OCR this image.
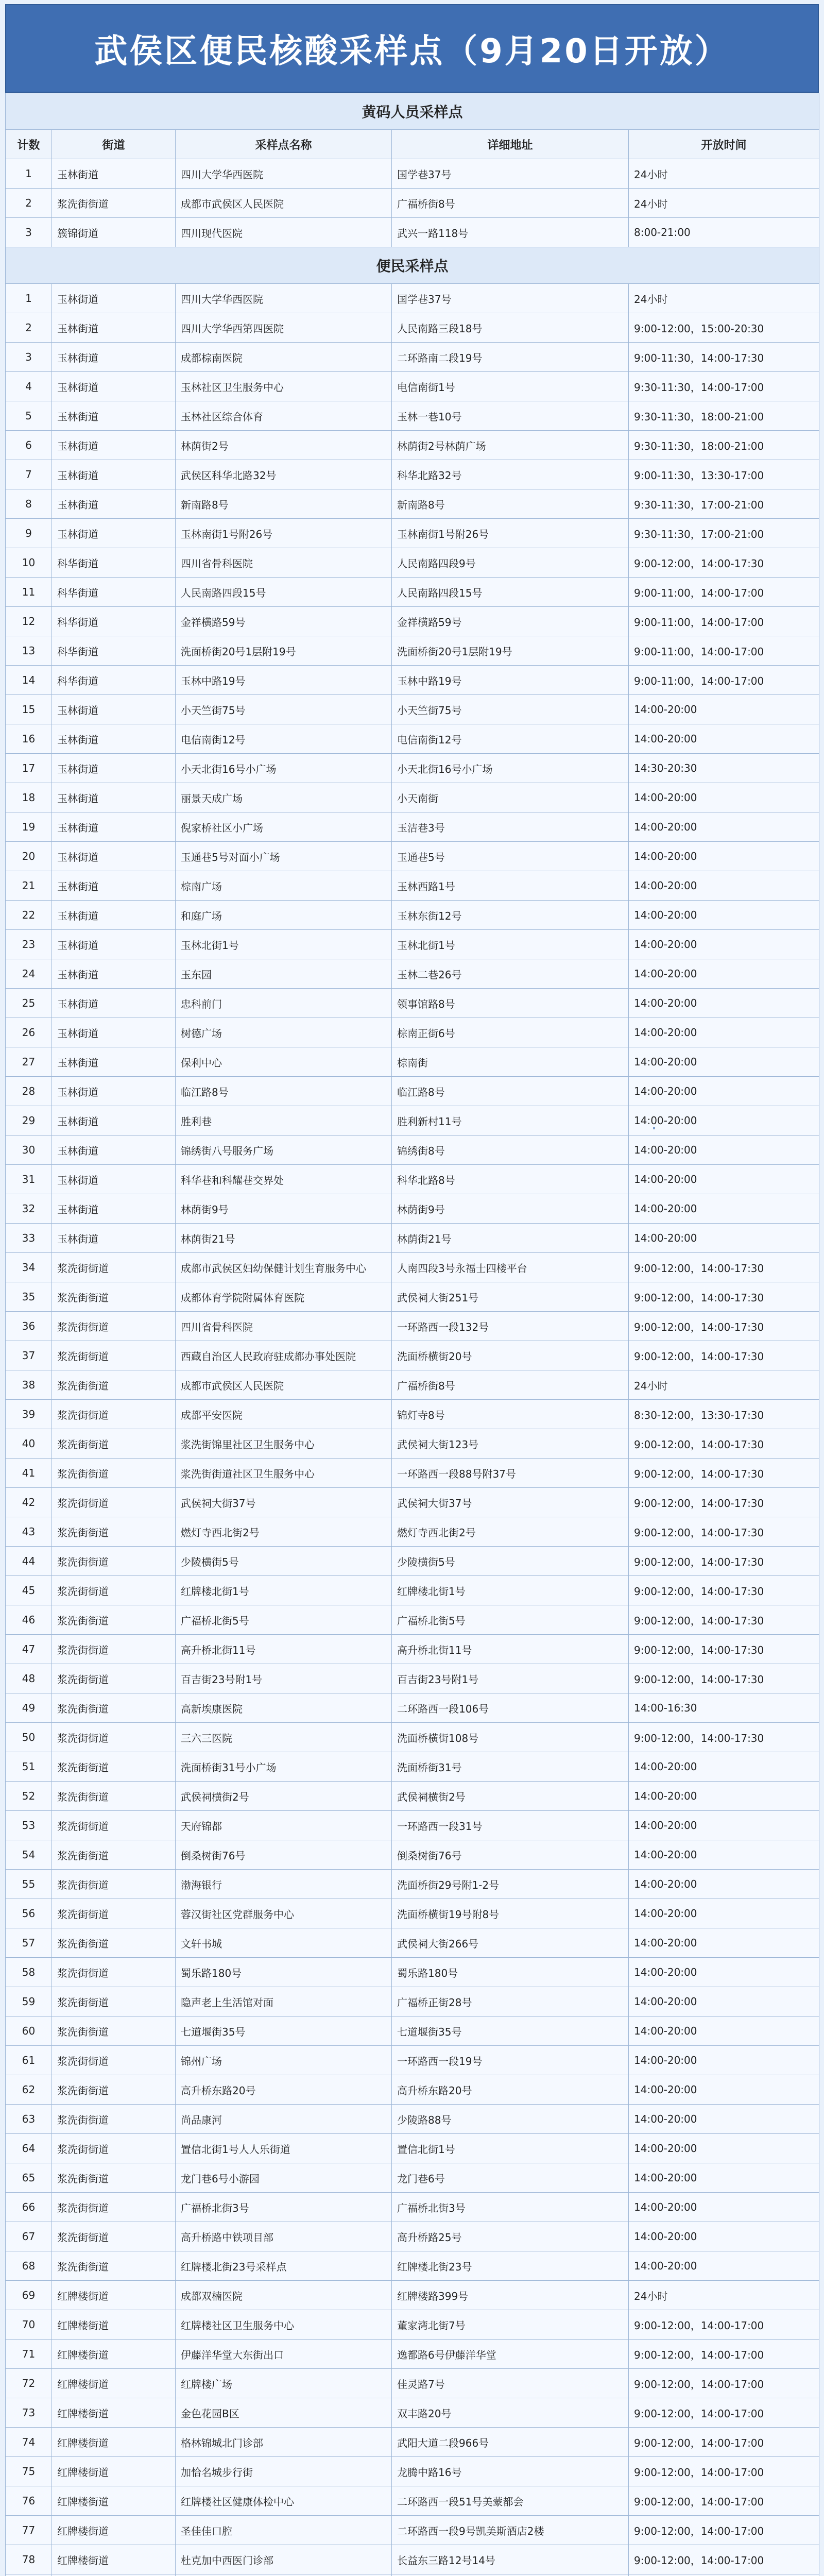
武侯区便民核酸采样点（9月20日开放）
黄码人员采样点				
计数	街道	采样点名称	详细地址	开放时间
1	玉林街道	四川大学华西医院	国学巷37号	24小时
2	浆洗街街道	成都市武侯区人民医院	广福桥街8号	24小时
3	簇锦街道	四川现代医院	武兴一路118号	8:00-21:00
便民采样点				
1	玉林街道	四川大学华西医院	国学巷37号	24小时
2	玉林街道	四川大学华西第四医院	人民南路三段18号	9:00-12:00，15:00-20:30
3	玉林街道	成都棕南医院	二环路南二段19号	9:00-11:30，14:00-17:30
4	玉林街道	玉林社区卫生服务中心	电信南街1号	9:30-11:30，14:00-17:00
5	玉林街道	玉林社区综合体育	玉林一巷10号	9:30-11:30，18:00-21:00
6	玉林街道	林荫街2号	林荫街2号林荫广场	9:30-11:30，18:00-21:00
7	玉林街道	武侯区科华北路32号	科华北路32号	9:00-11:30，13:30-17:00
8	玉林街道	新南路8号	新南路8号	9:30-11:30，17:00-21:00
9	玉林街道	玉林南街1号附26号	玉林南街1号附26号	9:30-11:30，17:00-21:00
10	科华街道	四川省骨科医院	人民南路四段9号	9:00-12:00，14:00-17:30
11	科华街道	人民南路四段15号	人民南路四段15号	9:00-11:00，14:00-17:00
12	科华街道	金祥横路59号	金祥横路59号	9:00-11:00，14:00-17:00
13	科华街道	洗面桥街20号1层附19号	洗面桥街20号1层附19号	9:00-11:00，14:00-17:00
14	科华街道	玉林中路19号	玉林中路19号	9:00-11:00，14:00-17:00
15	玉林街道	小天竺街75号	小天竺街75号	14:00-20:00
16	玉林街道	电信南街12号	电信南街12号	14:00-20:00
17	玉林街道	小天北街16号小广场	小天北街16号小广场	14:30-20:30
18	玉林街道	丽景天成广场	小天南街	14:00-20:00
19	玉林街道	倪家桥社区小广场	玉洁巷3号	14:00-20:00
20	玉林街道	玉通巷5号对面小广场	玉通巷5号	14:00-20:00
21	玉林街道	棕南广场	玉林西路1号	14:00-20:00
22	玉林街道	和庭广场	玉林东街12号	14:00-20:00
23	玉林街道	玉林北街1号	玉林北街1号	14:00-20:00
24	玉林街道	玉东园	玉林二巷26号	14:00-20:00
25	玉林街道	忠科前门	领事馆路8号	14:00-20:00
26	玉林街道	树德广场	棕南正街6号	14:00-20:00
27	玉林街道	保利中心	棕南街	14:00-20:00
28	玉林街道	临江路8号	临江路8号	14:00-20:00
29	玉林街道	胜利巷	胜利新村11号	14:00-20:00
30	玉林街道	锦绣街八号服务广场	锦绣街8号	14:00-20:00
31	玉林街道	科华巷和科耀巷交界处	科华北路8号	14:00-20:00
32	玉林街道	林荫街9号	林荫街9号	14:00-20:00
33	玉林街道	林荫街21号	林荫街21号	14:00-20:00
34	浆洗街街道	成都市武侯区妇幼保健计划生育服务中心	人南四段3号永福士四楼平台	9:00-12:00，14:00-17:30
35	浆洗街街道	成都体育学院附属体育医院	武侯祠大街251号	9:00-12:00，14:00-17:30
36	浆洗街街道	四川省骨科医院	一环路西一段132号	9:00-12:00，14:00-17:30
37	浆洗街街道	西藏自治区人民政府驻成都办事处医院	洗面桥横街20号	9:00-12:00，14:00-17:30
38	浆洗街街道	成都市武侯区人民医院	广福桥街8号	24小时
39	浆洗街街道	成都平安医院	锦灯寺8号	8:30-12:00，13:30-17:30
40	浆洗街街道	浆洗街锦里社区卫生服务中心	武侯祠大街123号	9:00-12:00，14:00-17:30
41	浆洗街街道	浆洗街街道社区卫生服务中心	一环路西一段88号附37号	9:00-12:00，14:00-17:30
42	浆洗街街道	武侯祠大街37号	武侯祠大街37号	9:00-12:00，14:00-17:30
43	浆洗街街道	燃灯寺西北街2号	燃灯寺西北街2号	9:00-12:00，14:00-17:30
44	浆洗街街道	少陵横街5号	少陵横街5号	9:00-12:00，14:00-17:30
45	浆洗街街道	红牌楼北街1号	红牌楼北街1号	9:00-12:00，14:00-17:30
46	浆洗街街道	广福桥北街5号	广福桥北街5号	9:00-12:00，14:00-17:30
47	浆洗街街道	高升桥北街11号	高升桥北街11号	9:00-12:00，14:00-17:30
48	浆洗街街道	百吉街23号附1号	百吉街23号附1号	9:00-12:00，14:00-17:30
49	浆洗街街道	高新埃康医院	二环路西一段106号	14:00-16:30
50	浆洗街街道	三六三医院	洗面桥横街108号	9:00-12:00，14:00-17:30
51	浆洗街街道	洗面桥街31号小广场	洗面桥街31号	14:00-20:00
52	浆洗街街道	武侯祠横街2号	武侯祠横街2号	14:00-20:00
53	浆洗街街道	天府锦都	一环路西一段31号	14:00-20:00
54	浆洗街街道	倒桑树街76号	倒桑树街76号	14:00-20:00
55	浆洗街街道	渤海银行	洗面桥街29号附1-2号	14:00-20:00
56	浆洗街街道	蓉汉街社区党群服务中心	洗面桥横街19号附8号	14:00-20:00
57	浆洗街街道	文轩书城	武侯祠大街266号	14:00-20:00
58	浆洗街街道	蜀乐路180号	蜀乐路180号	14:00-20:00
59	浆洗街街道	隐声老上生活馆对面	广福桥正街28号	14:00-20:00
60	浆洗街街道	七道堰街35号	七道堰街35号	14:00-20:00
61	浆洗街街道	锦州广场	一环路西一段19号	14:00-20:00
62	浆洗街街道	高升桥东路20号	高升桥东路20号	14:00-20:00
63	浆洗街街道	尚品康河	少陵路88号	14:00-20:00
64	浆洗街街道	置信北街1号人人乐街道	置信北街1号	14:00-20:00
65	浆洗街街道	龙门巷6号小游园	龙门巷6号	14:00-20:00
66	浆洗街街道	广福桥北街3号	广福桥北街3号	14:00-20:00
67	浆洗街街道	高升桥路中铁项目部	高升桥路25号	14:00-20:00
68	浆洗街街道	红牌楼北街23号采样点	红牌楼北街23号	14:00-20:00
69	红牌楼街道	成都双楠医院	红牌楼路399号	24小时
70	红牌楼街道	红牌楼社区卫生服务中心	董家湾北街7号	9:00-12:00，14:00-17:00
71	红牌楼街道	伊藤洋华堂大东街出口	逸都路6号伊藤洋华堂	9:00-12:00，14:00-17:00
72	红牌楼街道	红牌楼广场	佳灵路7号	9:00-12:00，14:00-17:00
73	红牌楼街道	金色花园B区	双丰路20号	9:00-12:00，14:00-17:00
74	红牌楼街道	格林锦城北门诊部	武阳大道二段966号	9:00-12:00，14:00-17:00
75	红牌楼街道	加恰名城步行街	龙腾中路16号	9:00-12:00，14:00-17:00
76	红牌楼街道	红牌楼社区健康体检中心	二环路西一段51号美蒙都会	9:00-12:00，14:00-17:00
77	红牌楼街道	圣佳佳口腔	二环路西一段9号凯美斯酒店2楼	9:00-12:00，14:00-17:00
78	红牌楼街道	杜克加中西医门诊部	长益东三路12号14号	9:00-12:00，14:00-17:00
